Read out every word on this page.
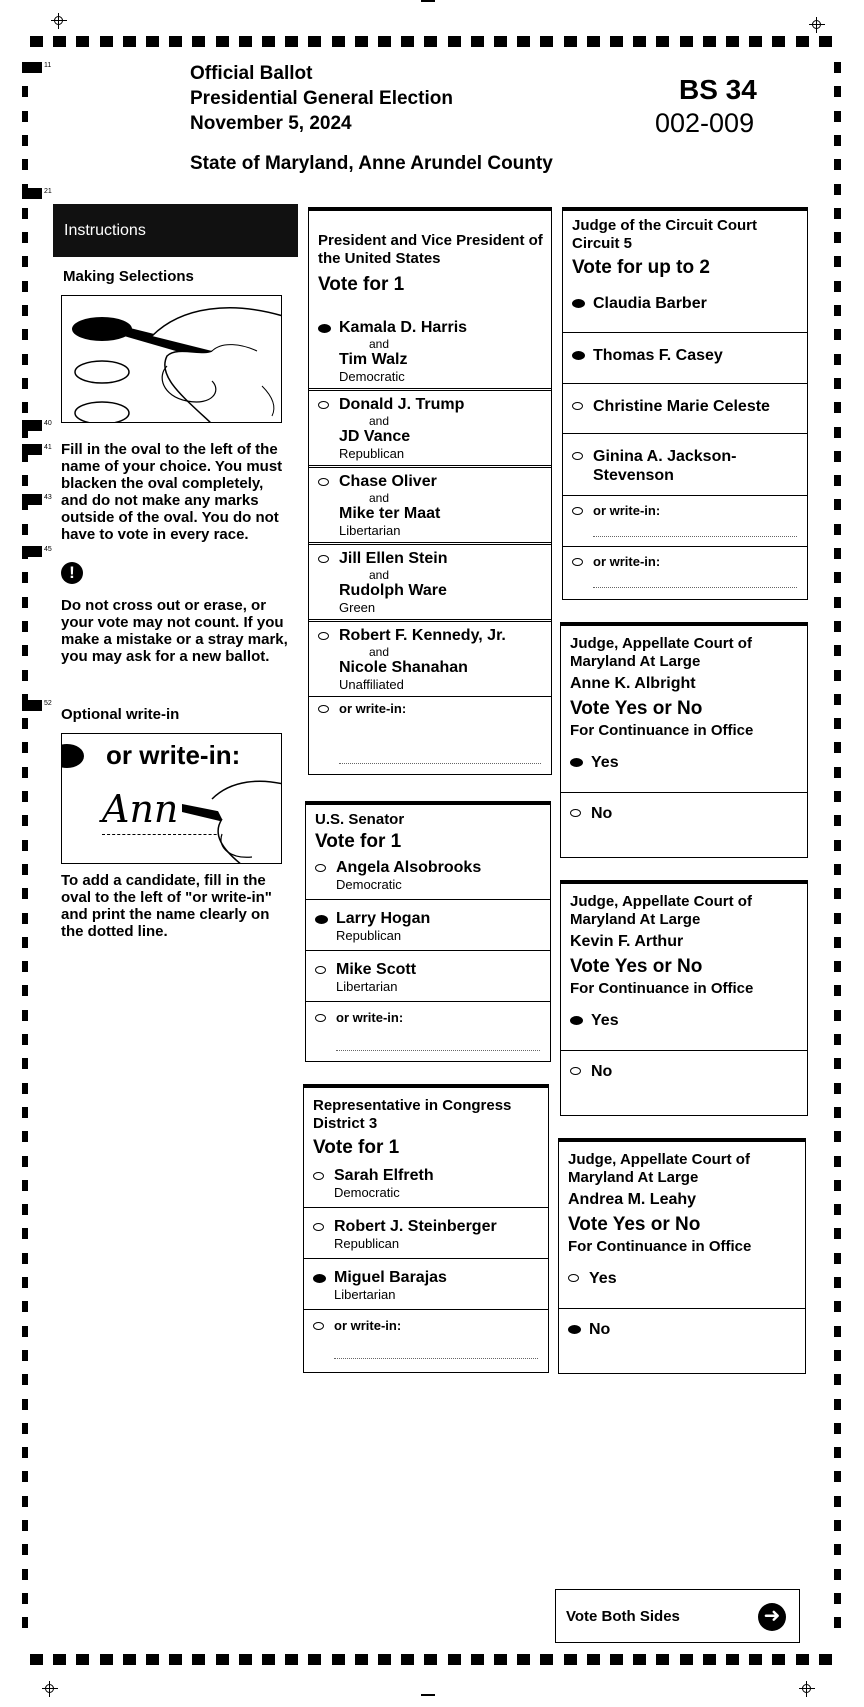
11
21
40
41
43
45
52
Official Ballot
Presidential General Election
November 5, 2024
BS 34
002-009
State of Maryland, Anne Arundel County
Instructions
Making Selections
Fill in the oval to the left of the name of your choice. You must blacken the oval completely, and do not make any marks outside of the oval. You do not have to vote in every race.
!
Do not cross out or erase, or your vote may not count. If you make a mistake or a stray mark, you may ask for a new ballot.
Optional write-in
or write-in:
Ann
To add a candidate, fill in the oval to the left of "or write-in" and print the name clearly on the dotted line.
President and Vice President of the United States
Vote for 1
Kamala D. Harris
and
Tim Walz
Democratic
Donald J. Trump
and
JD Vance
Republican
Chase Oliver
and
Mike ter Maat
Libertarian
Jill Ellen Stein
and
Rudolph Ware
Green
Robert F. Kennedy, Jr.
and
Nicole Shanahan
Unaffiliated
or write-in:
U.S. Senator
Vote for 1
Angela Alsobrooks
Democratic
Larry Hogan
Republican
Mike Scott
Libertarian
or write-in:
Representative in Congress District 3
Vote for 1
Sarah Elfreth
Democratic
Robert J. Steinberger
Republican
Miguel Barajas
Libertarian
or write-in:
Judge of the Circuit Court Circuit 5
Vote for up to 2
Claudia Barber
Thomas F. Casey
Christine Marie Celeste
Ginina A. Jackson-Stevenson
or write-in:
or write-in:
Judge, Appellate Court of Maryland At Large
Anne K. Albright
Vote Yes or No
For Continuance in Office
Yes
No
Judge, Appellate Court of Maryland At Large
Kevin F. Arthur
Vote Yes or No
For Continuance in Office
Yes
No
Judge, Appellate Court of Maryland At Large
Andrea M. Leahy
Vote Yes or No
For Continuance in Office
Yes
No
Vote Both Sides	➜
